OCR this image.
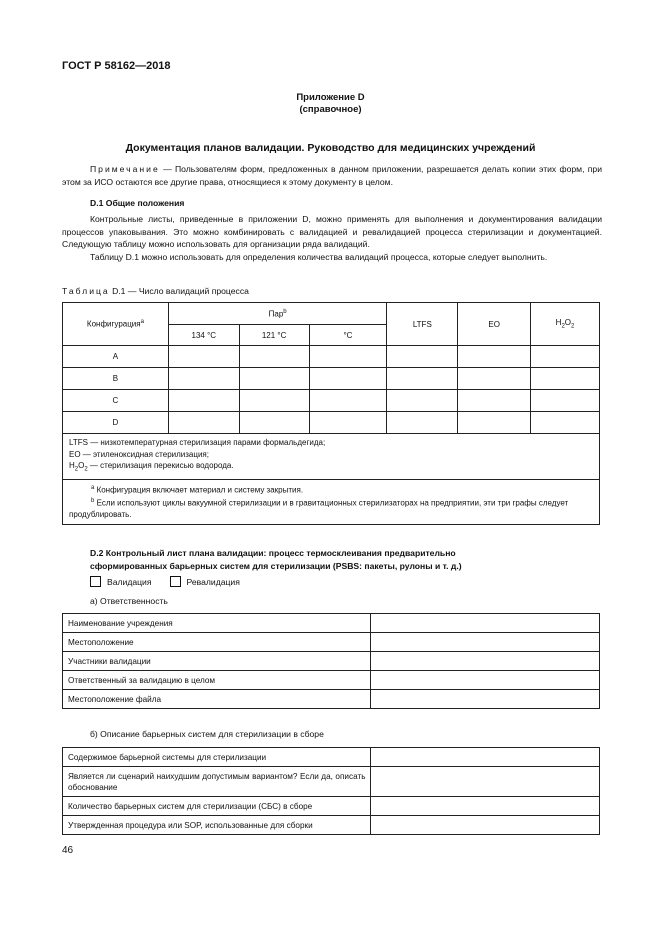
ГОСТ Р 58162—2018
Приложение D
(справочное)
Документация планов валидации. Руководство для медицинских учреждений
Примечание — Пользователям форм, предложенных в данном приложении, разрешается делать копии этих форм, при этом за ИСО остаются все другие права, относящиеся к этому документу в целом.
D.1 Общие положения
Контрольные листы, приведенные в приложении D, можно применять для выполнения и документирования валидации процессов упаковывания. Это можно комбинировать с валидацией и ревалидацией процесса стерилизации и документацией. Следующую таблицу можно использовать для организации ряда валидаций.
Таблицу D.1 можно использовать для определения количества валидаций процесса, которые следует выполнить.
Таблица D.1 — Число валидаций процесса
Конфигурация$^a$	Пар$^b$			LTFS	EO	$H_2O_2$
	134 °С	121 °С	°С			
A						
B						
C						
D						

LTFS — низкотемпературная стерилизация парами формальдегида;
EO — этиленоксидная стерилизация;
$H_2O_2$ — стерилизация перекисью водорода.						

$^a$ Конфигурация включает материал и систему закрытия.
$^b$ Если используют циклы вакуумной стерилизации и в гравитационных стерилизаторах на предприятии, эти три графы следует продублировать.						
D.2 Контрольный лист плана валидации: процесс термосклеивания предварительно
сформированных барьерных систем для стерилизации (PSBS: пакеты, рулоны и т. д.)
Валидация	Ревалидация
а) Ответственность
Наименование учреждения	
Местоположение	
Участники валидации	
Ответственный за валидацию в целом	
Местоположение файла	
б) Описание барьерных систем для стерилизации в сборе
Содержимое барьерной системы для стерилизации	
Является ли сценарий наихудшим допустимым вариантом? Если да, описать обоснование	
Количество барьерных систем для стерилизации (СБС) в сборе	
Утвержденная процедура или SOP, использованные для сборки	
46
